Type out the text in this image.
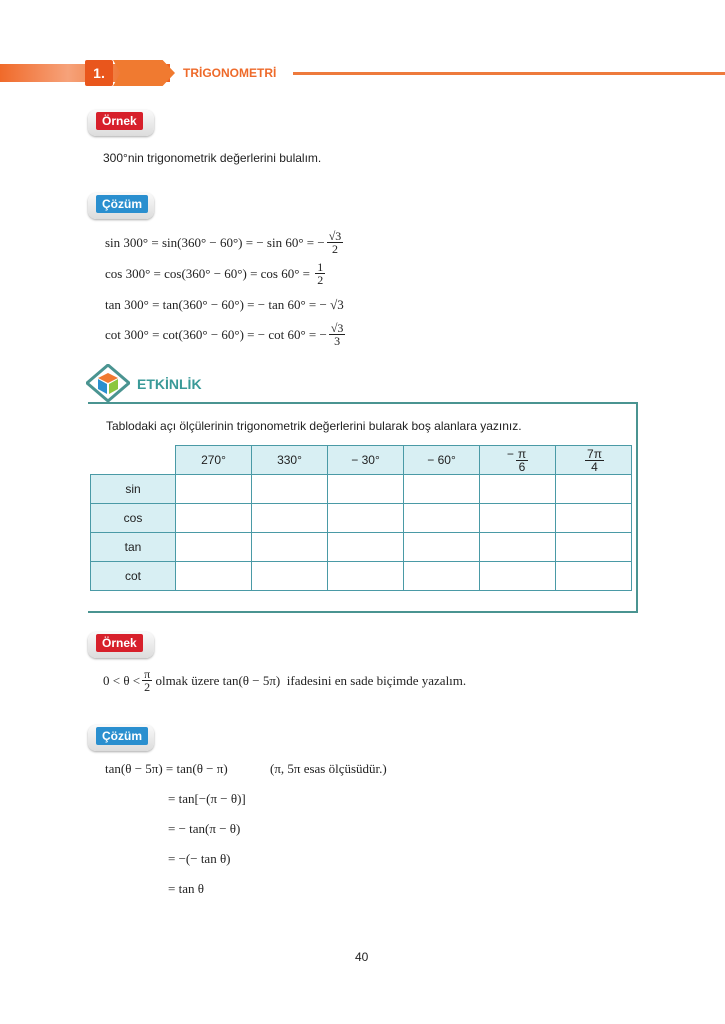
1.	TRİGONOMETRİ
Örnek
300°nin trigonometrik değerlerini bulalım.
Çözüm
sin 300° = sin(360° − 60°) = − sin 60° = − $\frac{√3}{2}$
$\cos 300^\circ = \cos(360^\circ - 60^\circ) = \cos 60^\circ = \frac{1}{2}$
tan 300° = tan(360° − 60°) = − tan 60° = − √3
cot 300° = cot(360° − 60°) = − cot 60° = − $\frac{√3}{3}$
ETKİNLİK
Tablodaki açı ölçülerinin trigonometrik değerlerini bularak boş alanlara yazınız.
	270°	330°	− 30°	− 60°	− $\frac{\pi}{6}$	$\frac{7\pi}{4}$

sin						
cos						
tan						
cot						
Örnek
$0 < \theta < \frac{\pi}{2}$ olmak üzere tan(θ − 5π)  ifadesini en sade biçimde yazalım.
Çözüm
tan(θ − 5π) = tan(θ − π)	(π, 5π esas ölçüsüdür.)
= tan[−(π − θ)]
= − tan(π − θ)
= −(− tan θ)
= tan θ
40
